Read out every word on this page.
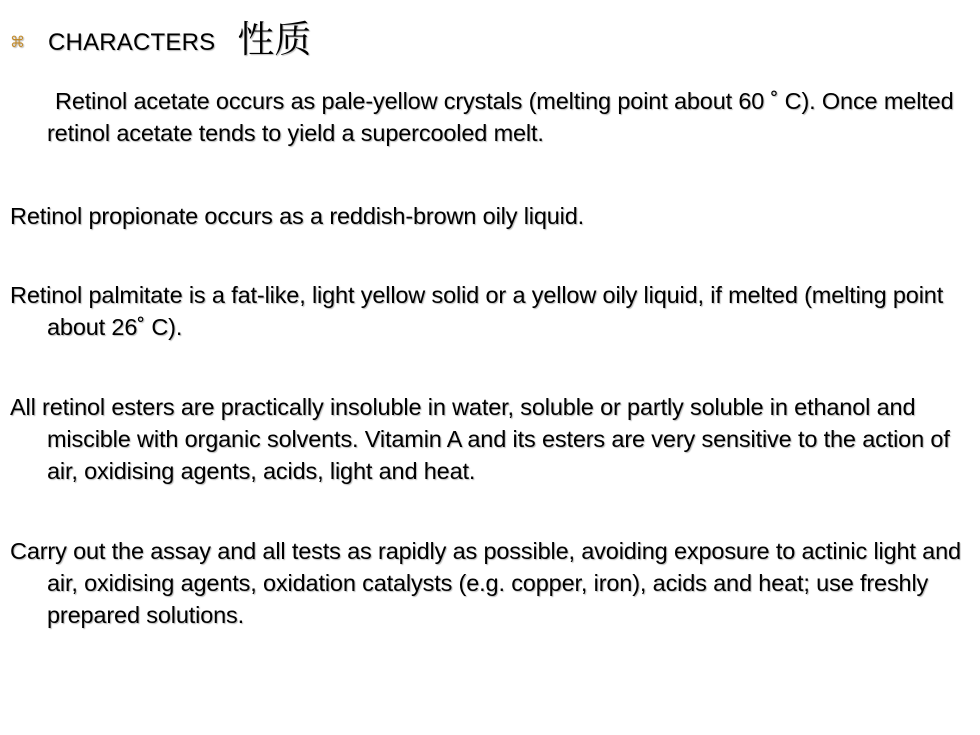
⌘ CHARACTERS 性质

Retinol acetate occurs as pale-yellow crystals (melting point about 60 ˚ C). Once melted retinol acetate tends to yield a supercooled melt.

Retinol propionate occurs as a reddish-brown oily liquid.

Retinol palmitate is a fat-like, light yellow solid or a yellow oily liquid, if melted (melting point about 26˚ C).

All retinol esters are practically insoluble in water, soluble or partly soluble in ethanol and miscible with organic solvents. Vitamin A and its esters are very sensitive to the action of air, oxidising agents, acids, light and heat.

Carry out the assay and all tests as rapidly as possible, avoiding exposure to actinic light and air, oxidising agents, oxidation catalysts (e.g. copper, iron), acids and heat; use freshly prepared solutions.
